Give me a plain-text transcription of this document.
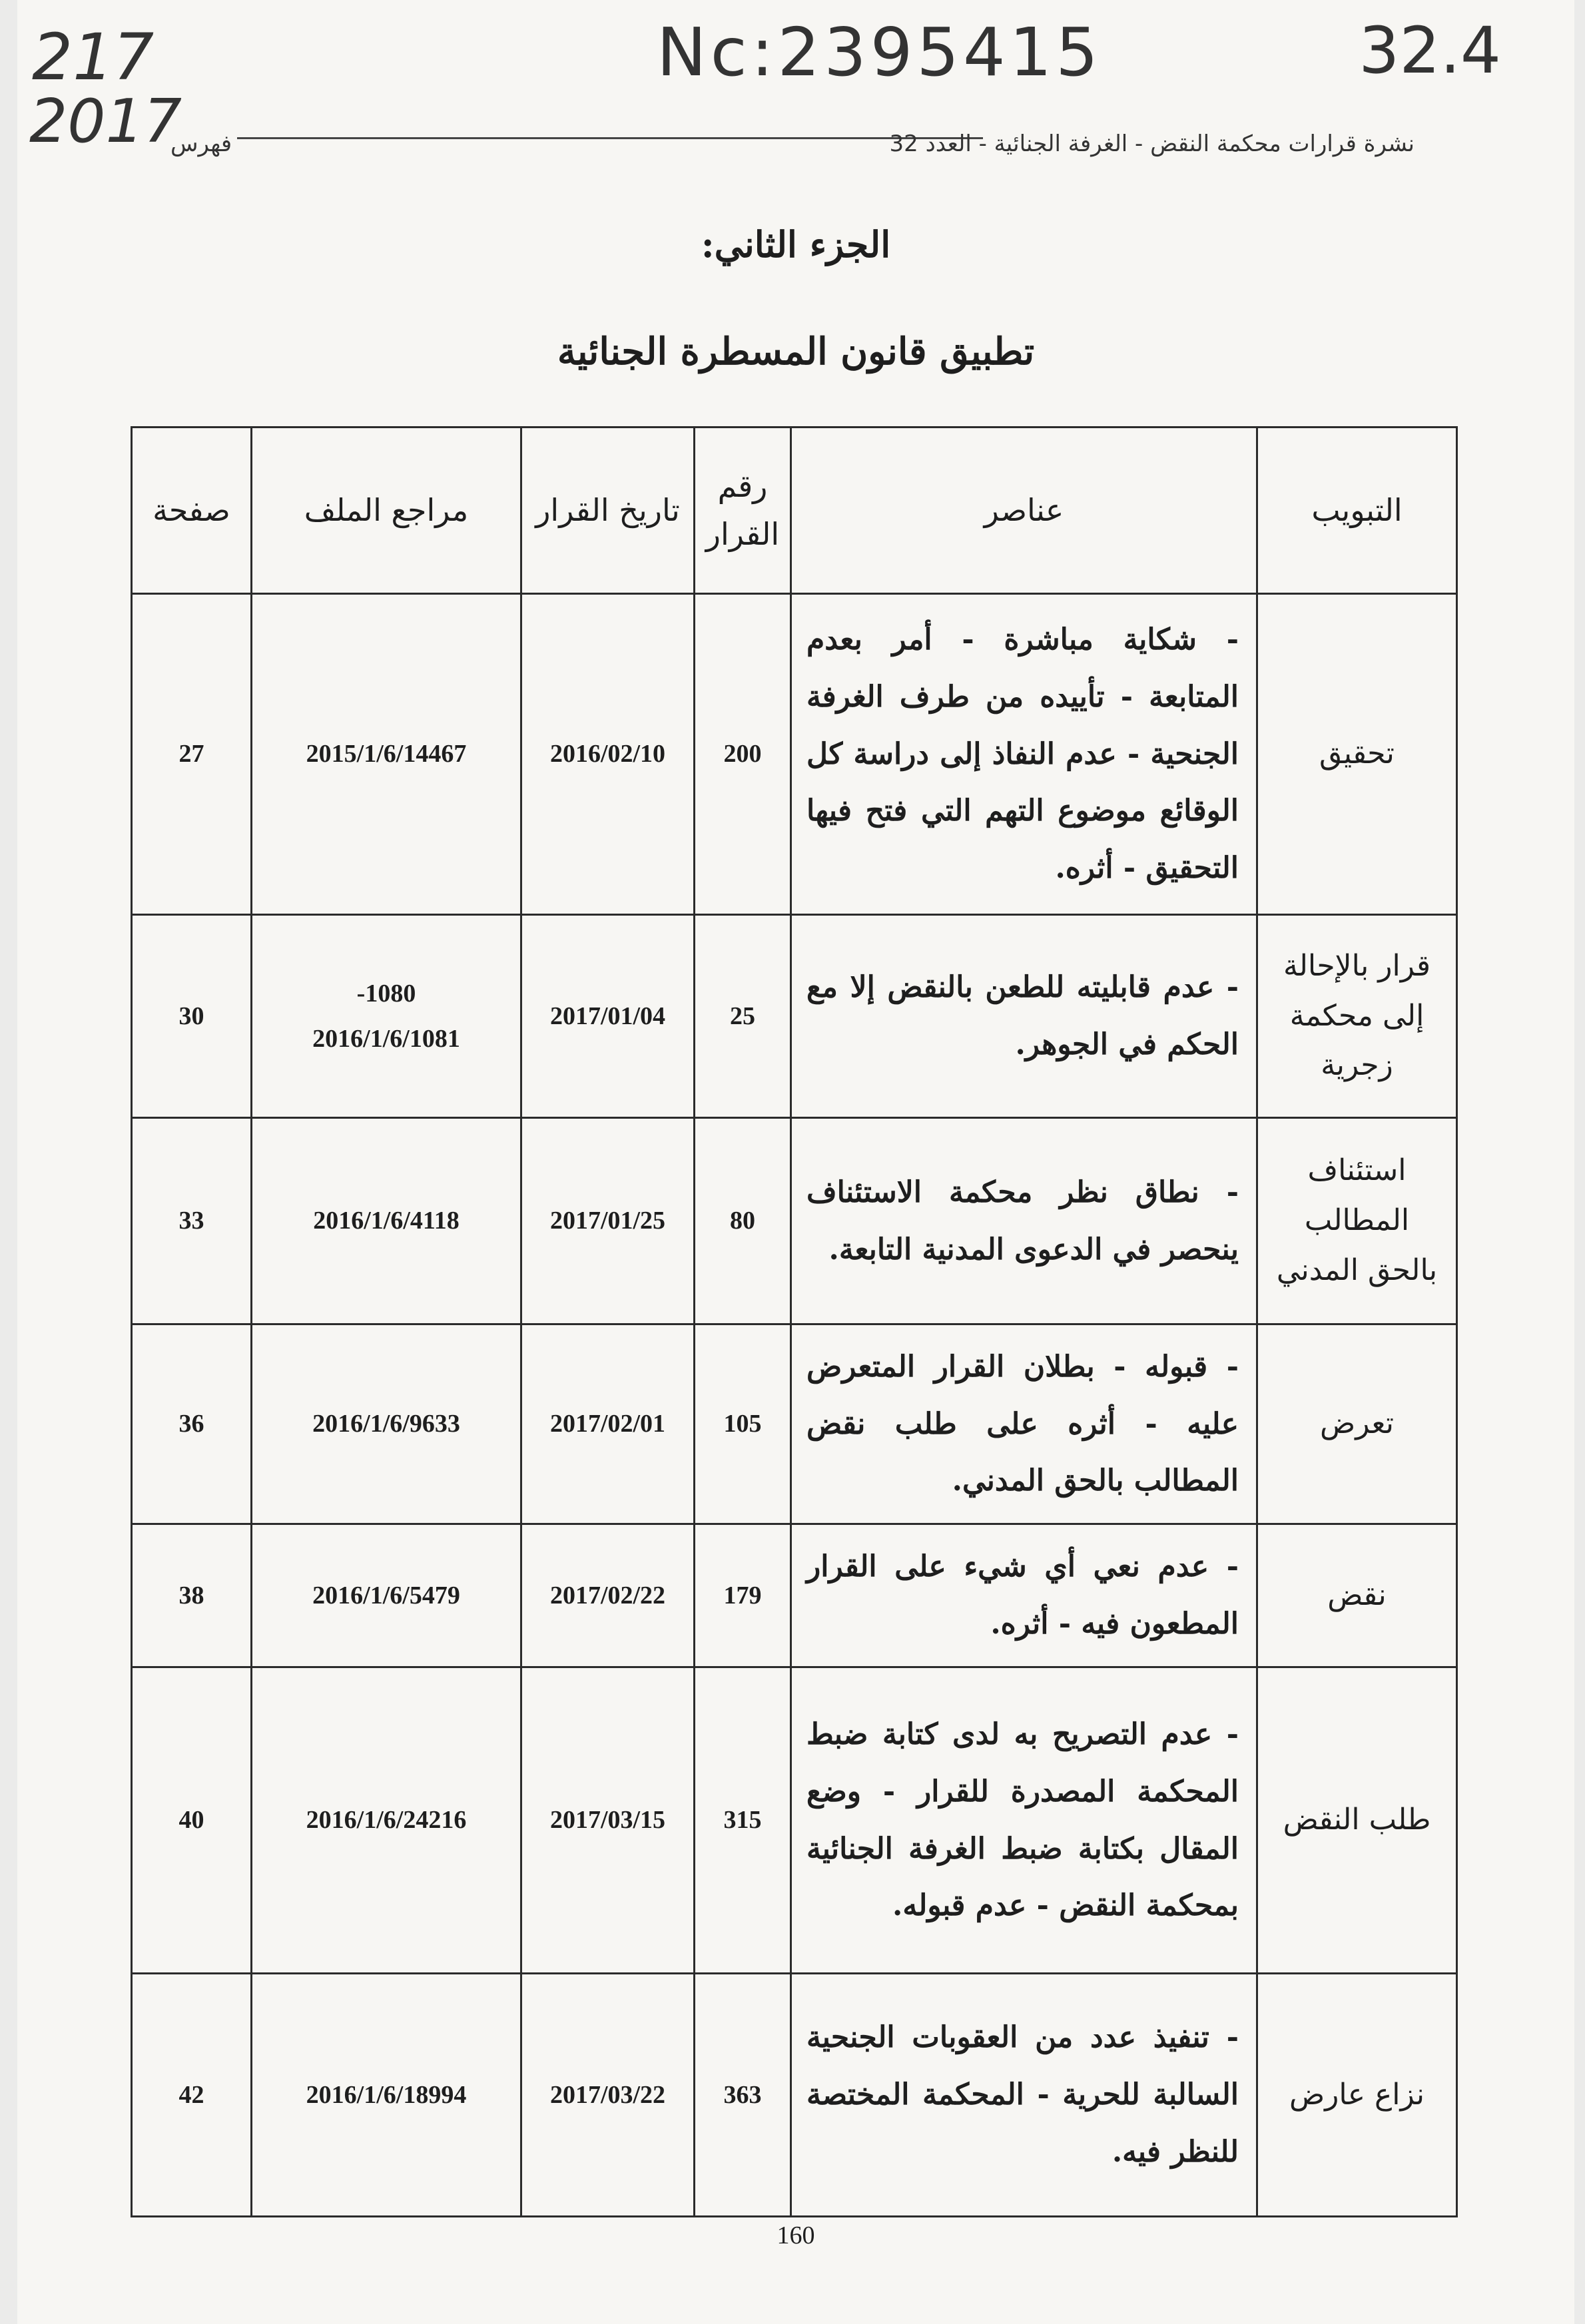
217
2017
Nc:2395415	32.4
فهرس	نشرة قرارات محكمة النقض - الغرفة الجنائية - العدد 32
الجزء الثاني:
تطبيق قانون المسطرة الجنائية
التبويب	عناصر	رقم القرار	تاريخ القرار	مراجع الملف	صفحة
تحقيق	- شكاية مباشرة - أمر بعدم المتابعة - تأييده من طرف الغرفة الجنحية - عدم النفاذ إلى دراسة كل الوقائع موضوع التهم التي فتح فيها التحقيق - أثره.	200	2016/02/10	2015/1/6/14467	27
قرار بالإحالة إلى محكمة زجرية	- عدم قابليته للطعن بالنقض إلا مع الحكم في الجوهر.	25	2017/01/04	1080-
2016/1/6/1081	30
استئناف المطالب بالحق المدني	- نطاق نظر محكمة الاستئناف ينحصر في الدعوى المدنية التابعة.	80	2017/01/25	2016/1/6/4118	33
تعرض	- قبوله - بطلان القرار المتعرض عليه - أثره على طلب نقض المطالب بالحق المدني.	105	2017/02/01	2016/1/6/9633	36
نقض	- عدم نعي أي شيء على القرار المطعون فيه - أثره.	179	2017/02/22	2016/1/6/5479	38
طلب النقض	- عدم التصريح به لدى كتابة ضبط المحكمة المصدرة للقرار - وضع المقال بكتابة ضبط الغرفة الجنائية بمحكمة النقض - عدم قبوله.	315	2017/03/15	2016/1/6/24216	40
نزاع عارض	- تنفيذ عدد من العقوبات الجنحية السالبة للحرية - المحكمة المختصة للنظر فيه.	363	2017/03/22	2016/1/6/18994	42
160
